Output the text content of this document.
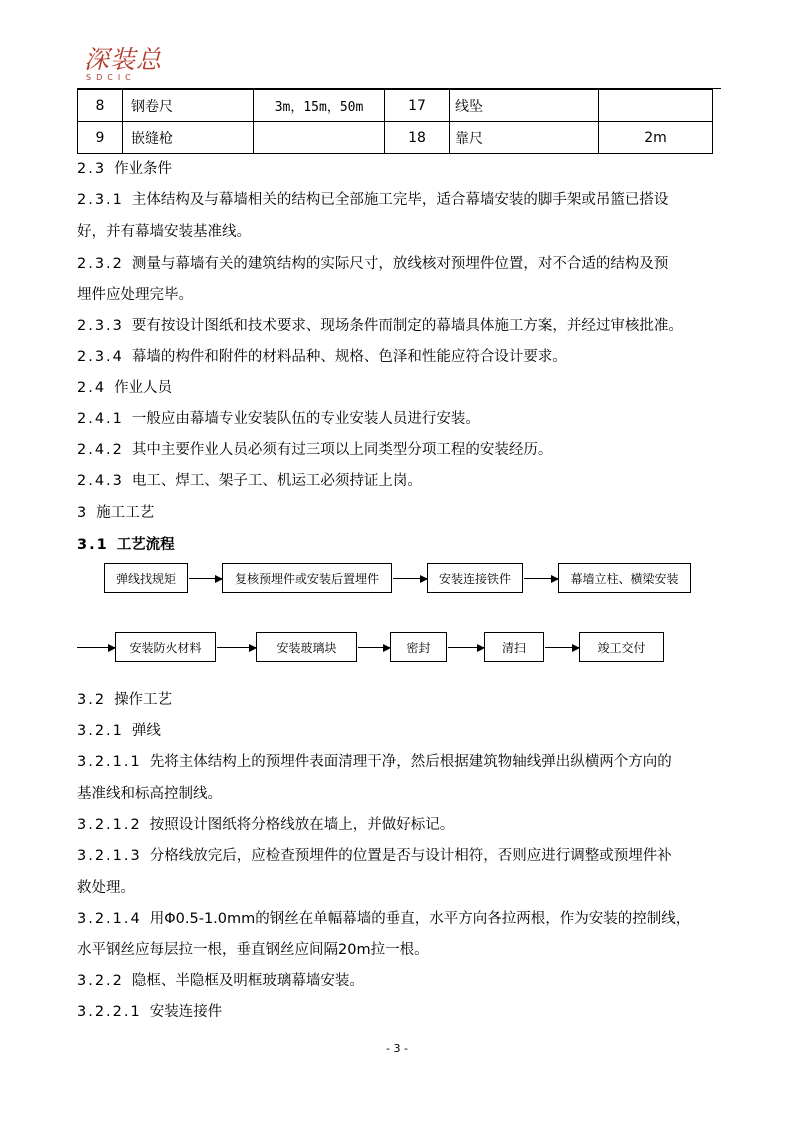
深装总
SDCIC
8	钢卷尺	3m，15m，50m	17	线坠	
9	嵌缝枪		18	靠尺	2m
2.3 作业条件
2.3.1 主体结构及与幕墙相关的结构已全部施工完毕，适合幕墙安装的脚手架或吊篮已搭设
好，并有幕墙安装基准线。
2.3.2 测量与幕墙有关的建筑结构的实际尺寸，放线核对预埋件位置，对不合适的结构及预
埋件应处理完毕。
2.3.3 要有按设计图纸和技术要求、现场条件而制定的幕墙具体施工方案，并经过审核批准。
2.3.4 幕墙的构件和附件的材料品种、规格、色泽和性能应符合设计要求。
2.4 作业人员
2.4.1 一般应由幕墙专业安装队伍的专业安装人员进行安装。
2.4.2 其中主要作业人员必须有过三项以上同类型分项工程的安装经历。
2.4.3 电工、焊工、架子工、机运工必须持证上岗。
3 施工工艺
3.1 工艺流程
弹线找规矩	复核预埋件或安装后置埋件	安装连接铁件	幕墙立柱、横梁安装
安装防火材料	安装玻璃块	密封	清扫	竣工交付
3.2 操作工艺
3.2.1 弹线
3.2.1.1 先将主体结构上的预埋件表面清理干净，然后根据建筑物轴线弹出纵横两个方向的
基准线和标高控制线。
3.2.1.2 按照设计图纸将分格线放在墙上，并做好标记。
3.2.1.3 分格线放完后，应检查预埋件的位置是否与设计相符，否则应进行调整或预埋件补
救处理。
3.2.1.4 用Φ0.5-1.0mm的钢丝在单幅幕墙的垂直，水平方向各拉两根，作为安装的控制线，
水平钢丝应每层拉一根，垂直钢丝应间隔20m拉一根。
3.2.2 隐框、半隐框及明框玻璃幕墙安装。
3.2.2.1 安装连接件
- 3 -
